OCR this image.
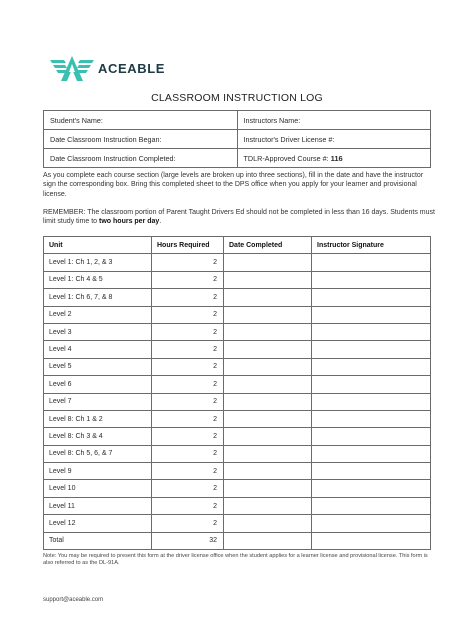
ACEABLE
CLASSROOM INSTRUCTION LOG
Student's Name:	Instructors Name:
Date Classroom Instruction Began:	Instructor's Driver License #:
Date Classroom Instruction Completed:	TDLR-Approved Course #: 116
As you complete each course section (large levels are broken up into three sections), fill in the date and have the instructor sign the corresponding box. Bring this completed sheet to the DPS office when you apply for your learner and provisional license.
REMEMBER: The classroom portion of Parent Taught Drivers Ed should not be completed in less than 16 days. Students must limit study time to two hours per day.
Unit	Hours Required	Date Completed	Instructor Signature
Level 1: Ch 1, 2, & 3	2		
Level 1: Ch 4 & 5	2		
Level 1: Ch 6, 7, & 8	2		
Level 2	2		
Level 3	2		
Level 4	2		
Level 5	2		
Level 6	2		
Level 7	2		
Level 8: Ch 1 & 2	2		
Level 8: Ch 3 & 4	2		
Level 8: Ch 5, 6, & 7	2		
Level 9	2		
Level 10	2		
Level 11	2		
Level 12	2		
Total	32		
Note: You may be required to present this form at the driver license office when the student applies for a learner license and provisional license. This form is also referred to as the DL-91A.
support@aceable.com
